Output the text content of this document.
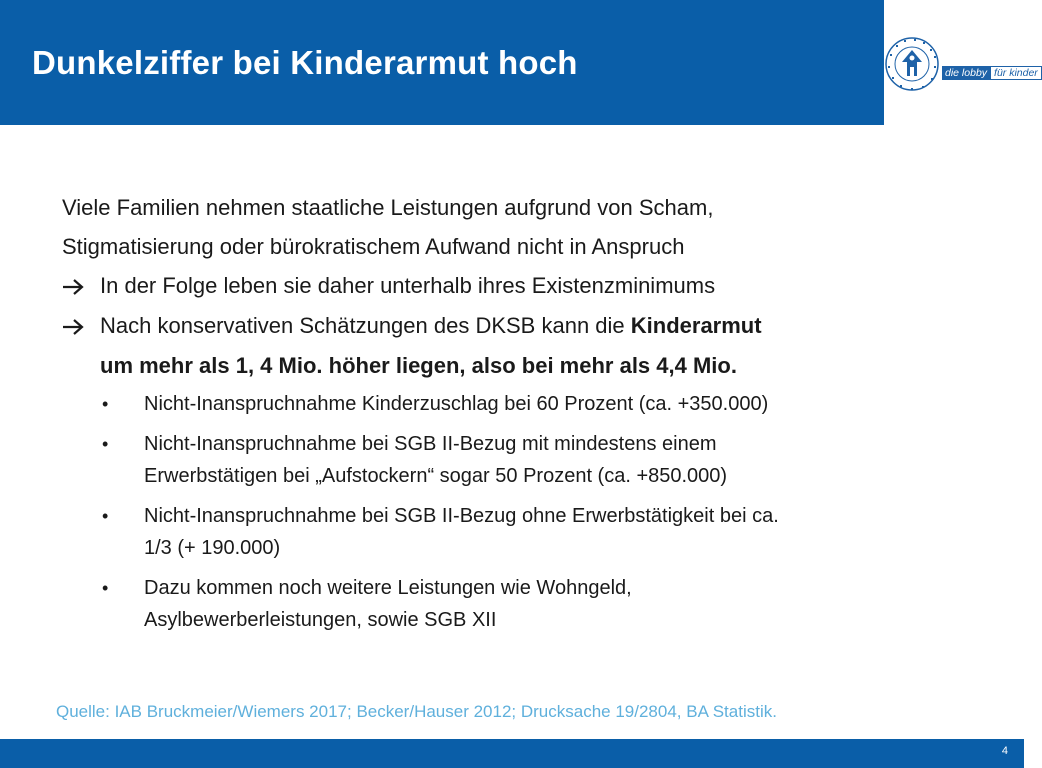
Dunkelziffer bei Kinderarmut hoch	die lobby für kinder

Viele Familien nehmen staatliche Leistungen aufgrund von Scham,
Stigmatisierung oder bürokratischem Aufwand nicht in Anspruch

In der Folge leben sie daher unterhalb ihres Existenzminimums

Nach konservativen Schätzungen des DKSB kann die Kinderarmut
um mehr als 1, 4 Mio. höher liegen, also bei mehr als 4,4 Mio.

• Nicht-Inanspruchnahme Kinderzuschlag bei 60 Prozent (ca. +350.000)
• Nicht-Inanspruchnahme bei SGB II-Bezug mit mindestens einem
Erwerbstätigen bei „Aufstockern“ sogar 50 Prozent (ca. +850.000)
• Nicht-Inanspruchnahme bei SGB II-Bezug ohne Erwerbstätigkeit bei ca.
1/3 (+ 190.000)
• Dazu kommen noch weitere Leistungen wie Wohngeld,
Asylbewerberleistungen, sowie SGB XII
Quelle: IAB Bruckmeier/Wiemers 2017; Becker/Hauser 2012; Drucksache 19/2804, BA Statistik.
4
